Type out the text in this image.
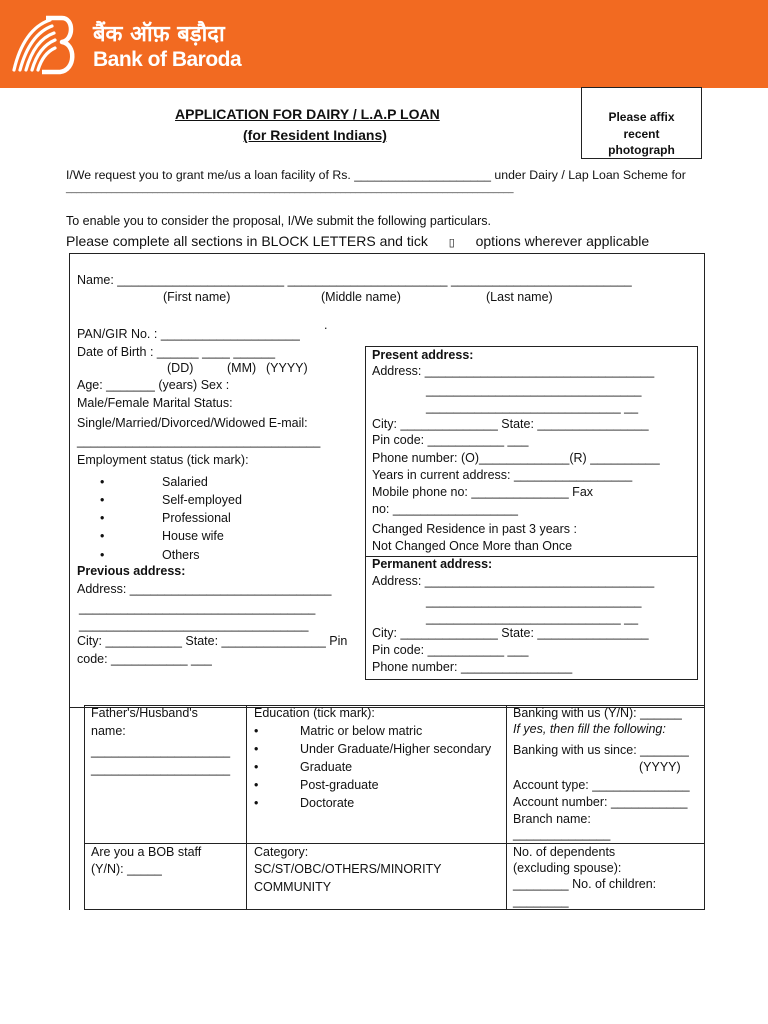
बैंक ऑफ़ बड़ौदा
Bank of Baroda
APPLICATION FOR DAIRY / L.A.P LOAN
(for Resident Indians)
Please affix
recent
photograph
I/We request you to grant me/us a loan facility of Rs. ____________________ under Dairy / Lap Loan Scheme for
________________________________________________________________________________________
To enable you to consider the proposal, I/We submit the following particulars.
Please complete all sections in BLOCK LETTERS and tick ▯ options wherever applicable
Name: ________________________ _______________________ __________________________
(First name)	(Middle name)	(Last name)
.
PAN/GIR No. : ____________________
Date of Birth : ______ ____ ______
(DD)	(MM) (YYYY)
Age: _______ (years) Sex :
Male/Female Marital Status:
Single/Married/Divorced/Widowed E-mail:
___________________________________
Employment status (tick mark):
•	Salaried
•	Self-employed
•	Professional
•	House wife
•	Others
Previous address:
Address: _____________________________
__________________________________
_________________________________
City: ___________ State: _______________ Pin
code: ___________ ___
Present address:
Address: _________________________________
_______________________________
____________________________ __
City: ______________ State: ________________
Pin code: ___________ ___
Phone number: (O)_____________(R) __________
Years in current address: _________________
Mobile phone no: ______________ Fax
no: __________________
Changed Residence in past 3 years :
Not Changed Once More than Once
Permanent address:
Address: _________________________________
_______________________________
____________________________ __
City: ______________ State: ________________
Pin code: ___________ ___
Phone number: ________________
Father's/Husband's
name:
____________________
____________________
Education (tick mark):
•	Matric or below matric
•	Under Graduate/Higher secondary
•	Graduate
•	Post-graduate
•	Doctorate
Banking with us (Y/N): ______
If yes, then fill the following:
Banking with us since: _______
(YYYY)
Account type: ______________
Account number: ___________
Branch name:
______________
Are you a BOB staff
(Y/N): _____
Category:
SC/ST/OBC/OTHERS/MINORITY
COMMUNITY
No. of dependents
(excluding spouse):
________ No. of children:
________
